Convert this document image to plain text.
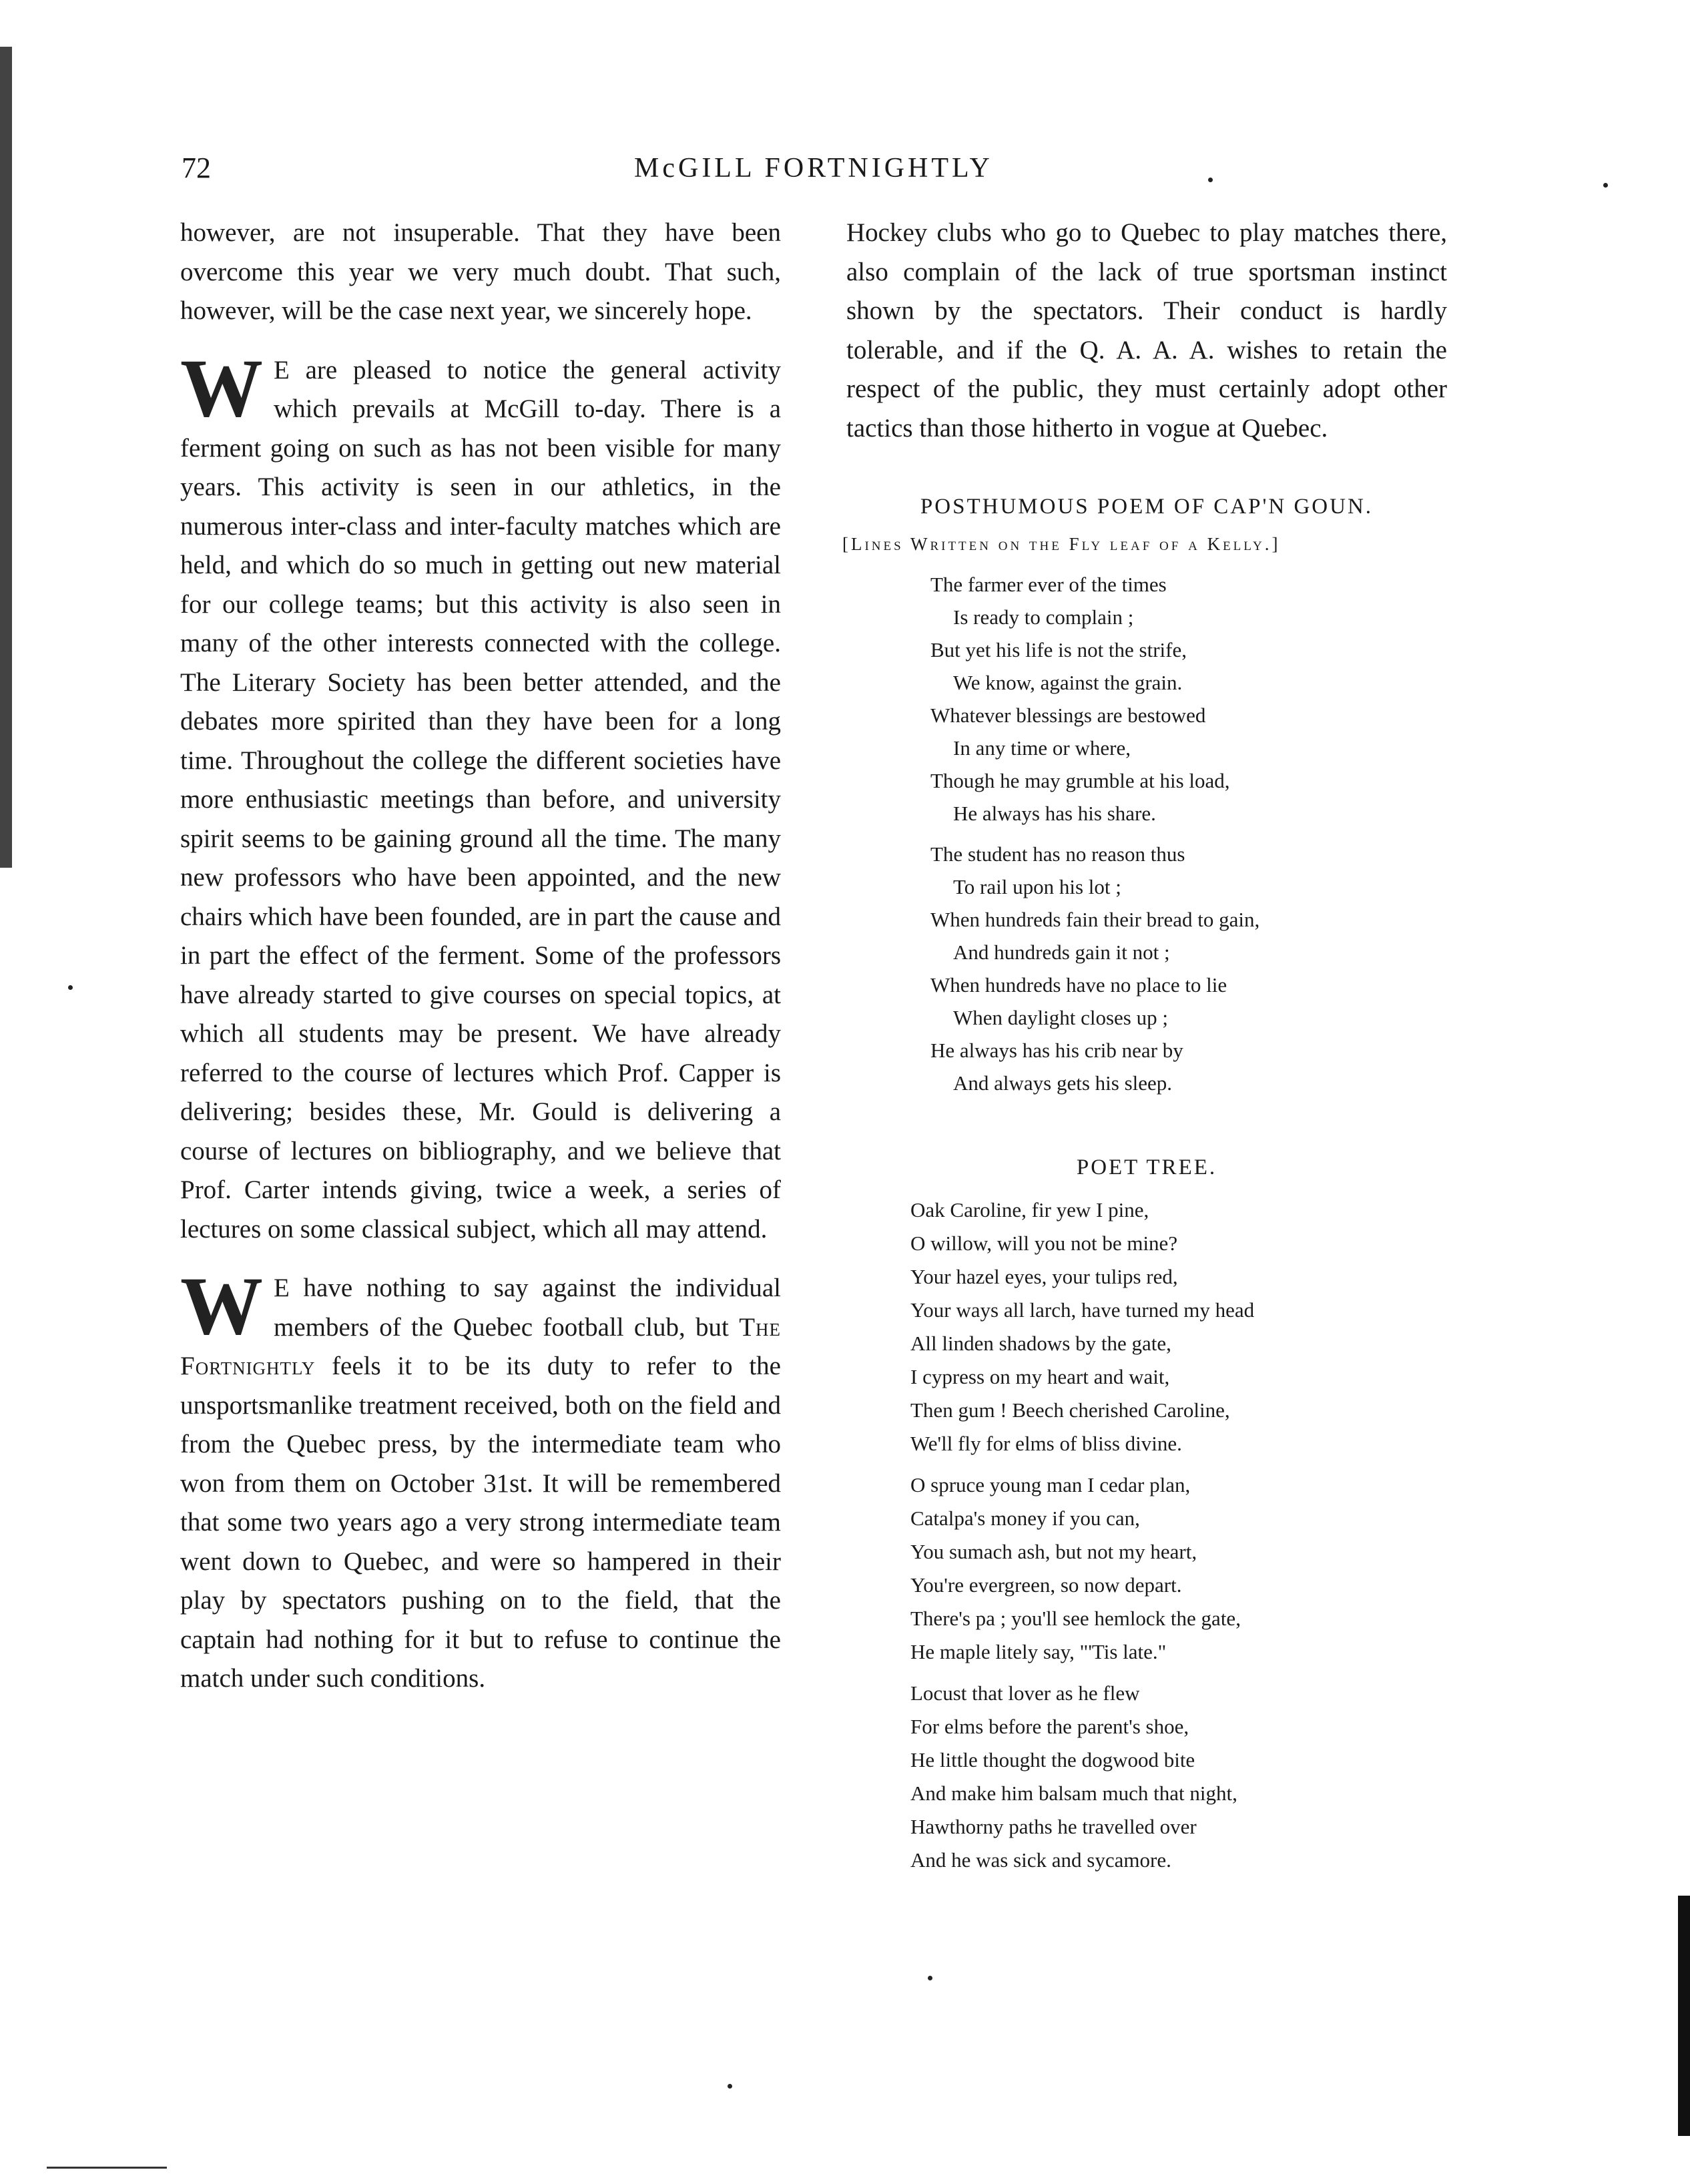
72	McGILL FORTNIGHTLY

however, are not insuperable. That they have been overcome this year we very much doubt. That such, however, will be the case next year, we sincerely hope.

W E are pleased to notice the general activity which prevails at McGill to-day. There is a ferment going on such as has not been visible for many years. This activity is seen in our athletics, in the numerous inter-class and inter-faculty matches which are held, and which do so much in getting out new material for our college teams; but this activity is also seen in many of the other interests connected with the college. The Literary Society has been better attended, and the debates more spirited than they have been for a long time. Throughout the college the different societies have more enthusiastic meetings than before, and university spirit seems to be gaining ground all the time. The many new professors who have been appointed, and the new chairs which have been founded, are in part the cause and in part the effect of the ferment. Some of the professors have already started to give courses on special topics, at which all students may be present. We have already referred to the course of lectures which Prof. Capper is delivering; besides these, Mr. Gould is delivering a course of lectures on bibliography, and we believe that Prof. Carter intends giving, twice a week, a series of lectures on some classical subject, which all may attend.

W E have nothing to say against the individual members of the Quebec football club, but The Fortnightly feels it to be its duty to refer to the unsportsmanlike treatment received, both on the field and from the Quebec press, by the intermediate team who won from them on October 31st. It will be remembered that some two years ago a very strong intermediate team went down to Quebec, and were so hampered in their play by spectators pushing on to the field, that the captain had nothing for it but to refuse to continue the match under such conditions.

Hockey clubs who go to Quebec to play matches there, also complain of the lack of true sportsman instinct shown by the spectators. Their conduct is hardly tolerable, and if the Q. A. A. A. wishes to retain the respect of the public, they must certainly adopt other tactics than those hitherto in vogue at Quebec.

POSTHUMOUS POEM OF CAP'N GOUN.
[Lines Written on the Fly leaf of a Kelly.]
The farmer ever of the times
Is ready to complain ;
But yet his life is not the strife,
We know, against the grain.
Whatever blessings are bestowed
In any time or where,
Though he may grumble at his load,
He always has his share.
The student has no reason thus
To rail upon his lot ;
When hundreds fain their bread to gain,
And hundreds gain it not ;
When hundreds have no place to lie
When daylight closes up ;
He always has his crib near by
And always gets his sleep.
POET TREE.
Oak Caroline, fir yew I pine,
O willow, will you not be mine?
Your hazel eyes, your tulips red,
Your ways all larch, have turned my head
All linden shadows by the gate,
I cypress on my heart and wait,
Then gum ! Beech cherished Caroline,
We'll fly for elms of bliss divine.
O spruce young man I cedar plan,
Catalpa's money if you can,
You sumach ash, but not my heart,
You're evergreen, so now depart.
There's pa ; you'll see hemlock the gate,
He maple litely say, "'Tis late."
Locust that lover as he flew
For elms before the parent's shoe,
He little thought the dogwood bite
And make him balsam much that night,
Hawthorny paths he travelled over
And he was sick and sycamore.
